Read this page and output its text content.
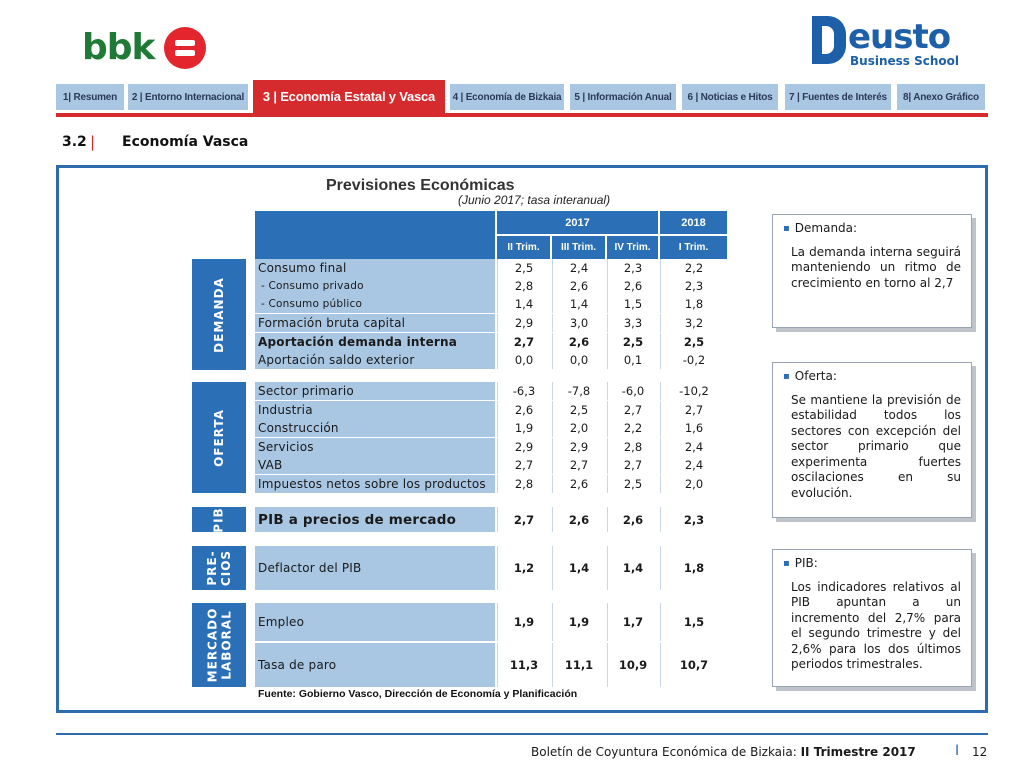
bbk	eusto
Business School
1| Resumen	2 | Entorno Internacional	3 | Economía Estatal y Vasca	4 | Economía de Bizkaia	5 | Información Anual	6 | Noticias e Hitos	7 | Fuentes de Interés	8| Anexo Gráfico
3.2 | Economía Vasca
Previsiones Económicas
(Junio 2017; tasa interanual)
2017	2018
II Trim.	III Trim.	IV Trim.	I Trim.
DEMANDA
OFERTA
PIB
PRE-
CIOS
MERCADO
LABORAL
Consumo final	2,5	2,4	2,3	2,2
- Consumo privado	2,8	2,6	2,6	2,3
- Consumo público	1,4	1,4	1,5	1,8
Formación bruta capital	2,9	3,0	3,3	3,2
Aportación demanda interna	2,7	2,6	2,5	2,5
Aportación saldo exterior	0,0	0,0	0,1	-0,2
Sector primario	-6,3	-7,8	-6,0	-10,2
Industria	2,6	2,5	2,7	2,7
Construcción	1,9	2,0	2,2	1,6
Servicios	2,9	2,9	2,8	2,4
VAB	2,7	2,7	2,7	2,4
Impuestos netos sobre los productos	2,8	2,6	2,5	2,0
PIB a precios de mercado	2,7	2,6	2,6	2,3
Deflactor del PIB	1,2	1,4	1,4	1,8
Empleo	1,9	1,9	1,7	1,5
Tasa de paro	11,3	11,1	10,9	10,7
Fuente: Gobierno Vasco, Dirección de Economía y Planificación
▪ Demanda:
La demanda interna seguirá manteniendo un ritmo de crecimiento en torno al 2,7
▪ Oferta:
Se mantiene la previsión de estabilidad todos los sectores con excepción del sector primario que experimenta fuertes oscilaciones en su evolución.
▪ PIB:
Los indicadores relativos al PIB apuntan a un incremento del 2,7% para el segundo trimestre y del 2,6% para los dos últimos periodos trimestrales.
Boletín de Coyuntura Económica de Bizkaia: II Trimestre 2017	I 12
